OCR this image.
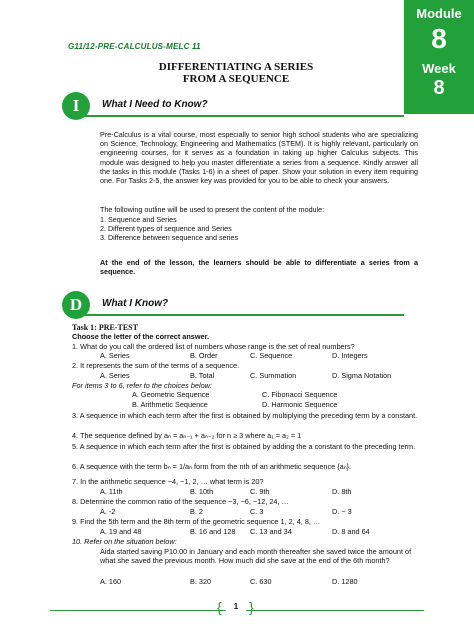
Module
8
Week
8
G11/12-PRE-CALCULUS-MELC 11
DIFFERENTIATING A SERIES
FROM A SEQUENCE
What I Need to Know?
I
Pre-Calculus is a vital course, most especially to senior high school students who are specializing on Science, Technology, Engineering and Mathematics (STEM). It is highly relevant, particularly on engineering courses, for it serves as a foundation in taking up higher Calculus subjects. This module was designed to help you master differentiate a series from a sequence. Kindly answer all the tasks in this module (Tasks 1-6) in a sheet of paper. Show your solution in every item requiring one. For Tasks 2-5, the answer key was provided for you to be able to check your answers.
The following outline will be used to present the content of the module:
1. Sequence and Series
2. Different types of sequence and Series
3. Difference between sequence and series
At the end of the lesson, the learners should be able to differentiate a series from a sequence.
What I Know?
D
Task 1: PRE-TEST
Choose the letter of the correct answer.
1. What do you call the ordered list of numbers whose range is the set of real numbers?
A. Series	B. Order	C. Sequence	D. Integers
2. It represents the sum of the terms of a sequence.
A. Series	B. Total	C. Summation	D. Sigma Notation
For items 3 to 6, refer to the choices below:
A. Geometric Sequence
B. Arithmetic Sequence
C. Fibonacci Sequence
D. Harmonic Sequence
3. A sequence in which each term after the first is obtained by multiplying the preceding term by a constant.
4. The sequence defined by aₙ = aₙ₋₁ + aₙ₋₂ for n ≥ 3 where a₁ = a₂ = 1
5. A sequence in which each term after the first is obtained by adding the a constant to the preceding term.
6. A sequence with the term bₙ = 1/aₙ form from the nth of an arithmetic sequence {aₙ}.
7. In the arithmetic sequence −4, −1, 2, … what term is 20?
A. 11th	B. 10th	C. 9th	D. 8th
8. Determine the common ratio of the sequence −3, −6, −12, 24, …
A. -2	B. 2	C. 3	D. − 3
9. Find the 5th term and the 8th term of the geometric sequence 1, 2, 4, 8, …
A. 19 and 48	B. 16 and 128 C. 13 and 34	D. 8 and 64
10. Refer on the situation below:
Aida started saving P10.00 in January and each month thereafter she saved twice the amount of what she saved the previous month. How much did she save at the end of the 6th month?
A. 160	B. 320	C. 630	D. 1280
{	1 }
